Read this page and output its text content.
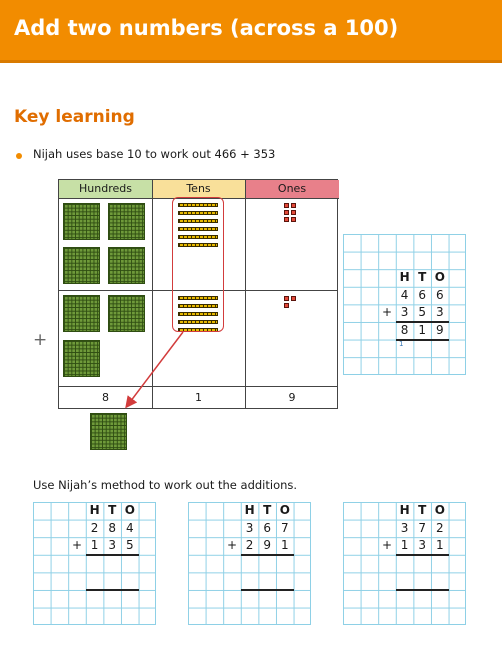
Add two numbers (across a 100)
Key learning
Nijah uses base 10 to work out 466 + 353
Hundreds	Tens	Ones
8	1	9
+
H T O
4 6 6
+ 3 5 3
8 1 9
1
Use Nijah’s method to work out the additions.
H T O
2 8 4
+ 1 3 5
H T O
3 6 7
+ 2 9 1
H T O
3 7 2
+ 1 3 1
